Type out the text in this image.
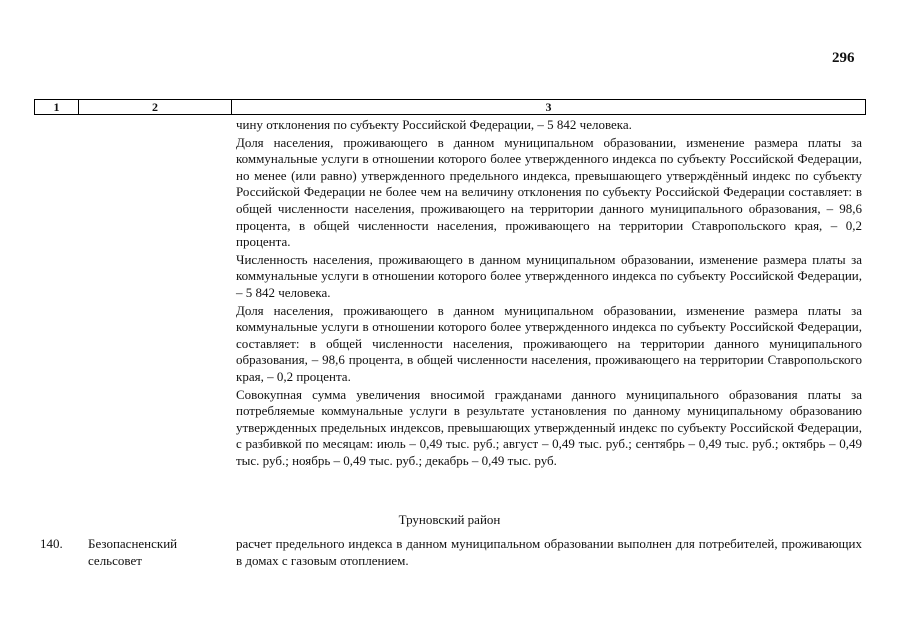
296
1	2	3

чину отклонения по субъекту Российской Федерации, – 5 842 человека.

Доля населения, проживающего в данном муниципальном образовании, изменение размера платы за коммунальные услуги в отношении которого более утвержденного индекса по субъекту Российской Федерации, но менее (или равно) утвержденного предельного индекса, превышающего утверждённый индекс по субъекту Российской Федерации не более чем на величину отклонения по субъекту Российской Федерации составляет: в общей численности населения, проживающего на территории данного муниципального образования, – 98,6 процента, в общей численности населения, проживающего на территории Ставропольского края, – 0,2 процента.

Численность населения, проживающего в данном муниципальном образовании, изменение размера платы за коммунальные услуги в отношении которого более утвержденного индекса по субъекту Российской Федерации, – 5 842 человека.

Доля населения, проживающего в данном муниципальном образовании, изменение размера платы за коммунальные услуги в отношении которого более утвержденного индекса по субъекту Российской Федерации, составляет: в общей численности населения, проживающего на территории данного муниципального образования, – 98,6 процента, в общей численности населения, проживающего на территории Ставропольского края, – 0,2 процента.

Совокупная сумма увеличения вносимой гражданами данного муниципального образования платы за потребляемые коммунальные услуги в результате установления по данному муниципальному образованию утвержденных предельных индексов, превышающих утвержденный индекс по субъекту Российской Федерации, с разбивкой по месяцам: июль – 0,49 тыс. руб.; август – 0,49 тыс. руб.; сентябрь – 0,49 тыс. руб.; октябрь – 0,49 тыс. руб.; ноябрь – 0,49 тыс. руб.; декабрь – 0,49 тыс. руб.

Труновский район
140. Безопасненский
сельсовет
расчет предельного индекса в данном муниципальном образовании выполнен для потребителей, проживающих в домах с газовым отоплением.
